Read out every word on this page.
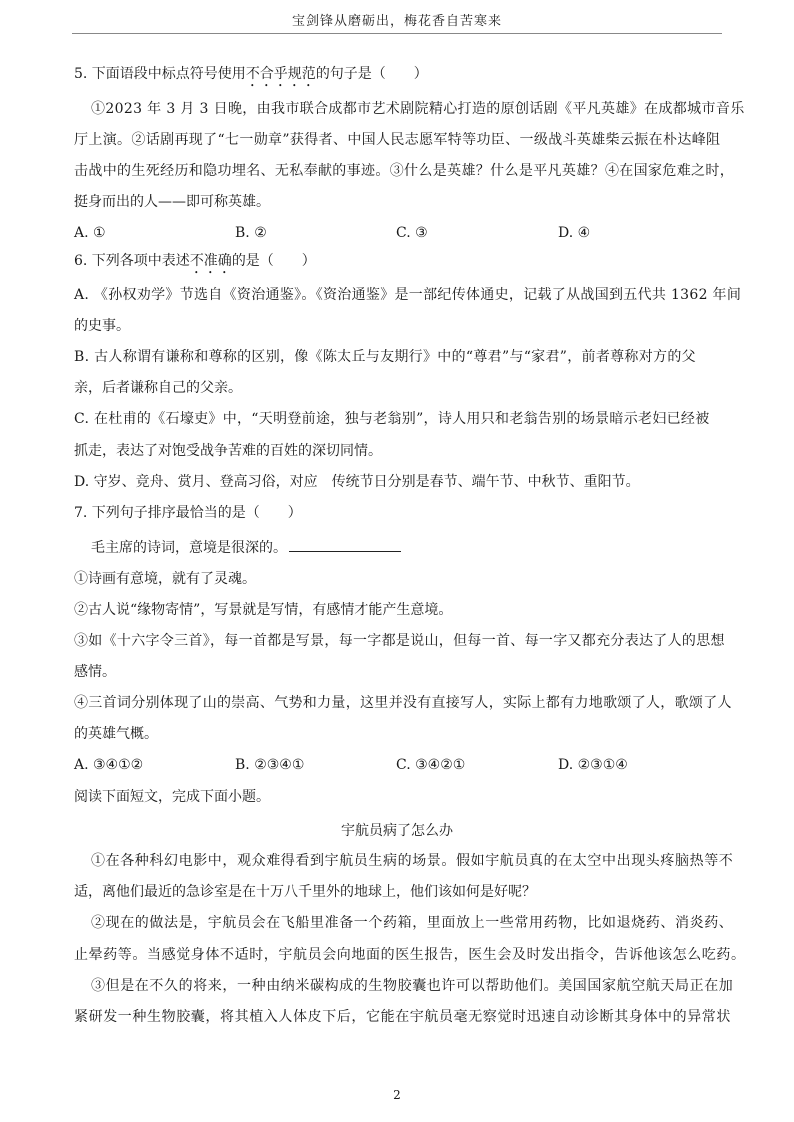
宝剑锋从磨砺出，梅花香自苦寒来
5. 下面语段中标点符号使用不合乎规范的句子是（　　）
①2023 年 3 月 3 日晚，由我市联合成都市艺术剧院精心打造的原创话剧《平凡英雄》在成都城市音乐
厅上演。②话剧再现了“七一勋章”获得者、中国人民志愿军特等功臣、一级战斗英雄柴云振在朴达峰阻
击战中的生死经历和隐功埋名、无私奉献的事迹。③什么是英雄？什么是平凡英雄？④在国家危难之时，
挺身而出的人——即可称英雄。
A. ①	B. ②	C. ③	D. ④
6. 下列各项中表述不准确的是（　　）
A. 《孙权劝学》节选自《资治通鉴》。《资治通鉴》是一部纪传体通史，记载了从战国到五代共 1362 年间
的史事。
B. 古人称谓有谦称和尊称的区别，像《陈太丘与友期行》中的“尊君”与“家君”，前者尊称对方的父
亲，后者谦称自己的父亲。
C. 在杜甫的《石壕吏》中，“天明登前途，独与老翁别”，诗人用只和老翁告别的场景暗示老妇已经被
抓走，表达了对饱受战争苦难的百姓的深切同情。
D. 守岁、竞舟、赏月、登高习俗，对应　传统节日分别是春节、端午节、中秋节、重阳节。
7. 下列句子排序最恰当的是（　　）
毛主席的诗词，意境是很深的。
①诗画有意境，就有了灵魂。
②古人说“缘物寄情”，写景就是写情，有感情才能产生意境。
③如《十六字令三首》，每一首都是写景，每一字都是说山，但每一首、每一字又都充分表达了人的思想
感情。
④三首词分别体现了山的崇高、气势和力量，这里并没有直接写人，实际上都有力地歌颂了人，歌颂了人
的英雄气概。
A. ③④①②	B. ②③④①	C. ③④②①	D. ②③①④
阅读下面短文，完成下面小题。
宇航员病了怎么办
①在各种科幻电影中，观众难得看到宇航员生病的场景。假如宇航员真的在太空中出现头疼脑热等不
适，离他们最近的急诊室是在十万八千里外的地球上，他们该如何是好呢？
②现在的做法是，宇航员会在飞船里准备一个药箱，里面放上一些常用药物，比如退烧药、消炎药、
止晕药等。当感觉身体不适时，宇航员会向地面的医生报告，医生会及时发出指令，告诉他该怎么吃药。
③但是在不久的将来，一种由纳米碳构成的生物胶囊也许可以帮助他们。美国国家航空航天局正在加
紧研发一种生物胶囊，将其植入人体皮下后，它能在宇航员毫无察觉时迅速自动诊断其身体中的异常状
2
